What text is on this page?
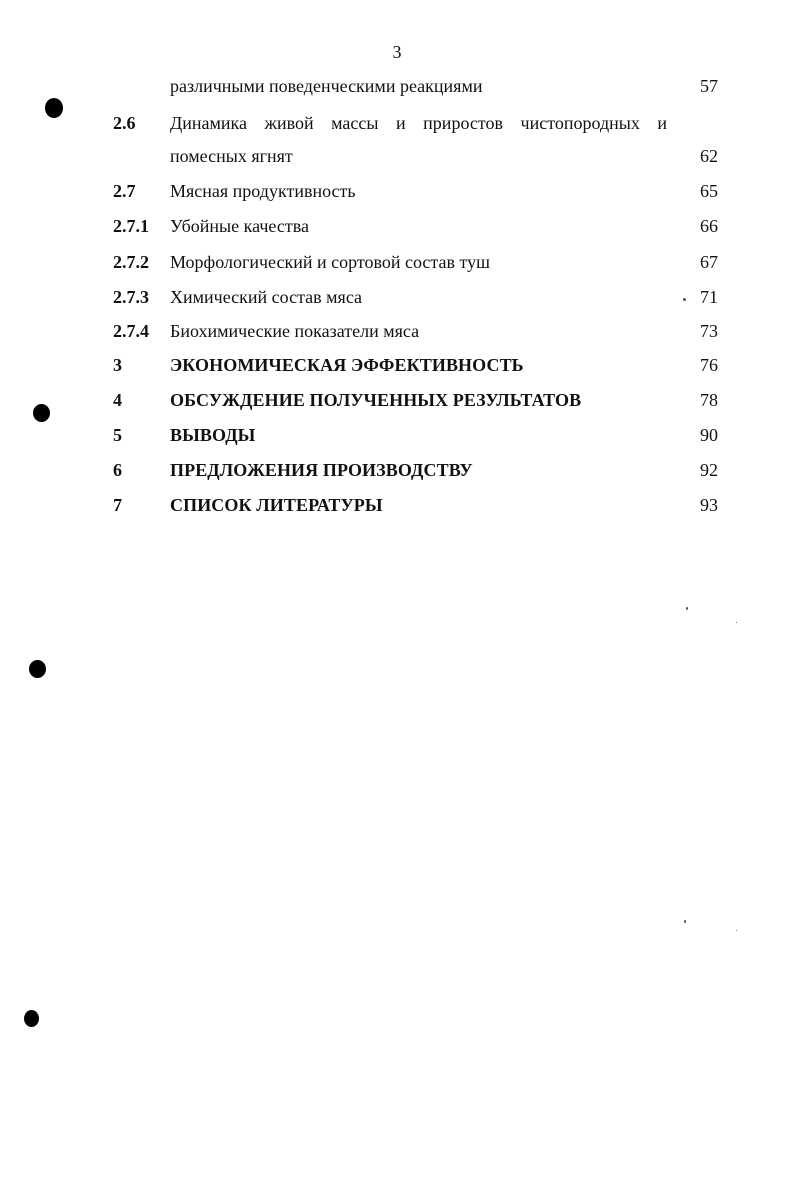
3
различными поведенческими реакциями	57
2.6 Динамика живой массы и приростов чистопородных и
помесных ягнят	62
2.7 Мясная продуктивность	65
2.7.1 Убойные качества	66
2.7.2 Морфологический и сортовой состав туш	67
2.7.3 Химический состав мяса	71
2.7.4 Биохимические показатели мяса	73
3	ЭКОНОМИЧЕСКАЯ ЭФФЕКТИВНОСТЬ	76
4	ОБСУЖДЕНИЕ ПОЛУЧЕННЫХ РЕЗУЛЬТАТОВ	78
5	ВЫВОДЫ	90
6	ПРЕДЛОЖЕНИЯ ПРОИЗВОДСТВУ	92
7	СПИСОК ЛИТЕРАТУРЫ	93
